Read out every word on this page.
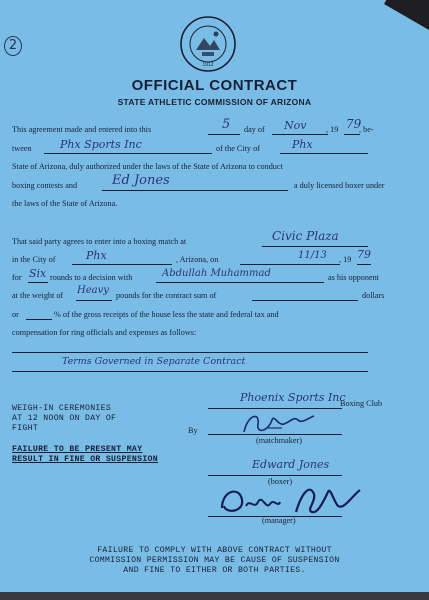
2
1912
OFFICIAL CONTRACT
STATE ATHLETIC COMMISSION OF ARIZONA
This agreement made and entered into this	5 day of Nov , 19 79
, be-
tween	Phx Sports Inc	of the City of	Phx
State of Arizona, duly authorized under the laws of the State of Arizona to conduct
boxing contests and	Ed Jones	a duly licensed boxer under
the laws of the State of Arizona.
That said party agrees to enter into a boxing match at	Civic Plaza
in the City of	Phx	, Arizona, on	11/13 , 19 79
for Six rounds to a decision with	Abdullah Muhammad	as his opponent
at the weight of Heavy pounds for the contract sum of	dollars
or	% of the gross receipts of the house less the state and federal tax and
compensation for ring officials and expenses as follows:
Terms Governed in Separate Contract
WEIGH-IN CEREMONIES
AT 12 NOON ON DAY OF
FIGHT
FAILURE TO BE PRESENT MAY
RESULT IN FINE OR SUSPENSION
Phoenix Sports Inc
Boxing Club
By
(matchmaker)
Edward Jones
(boxer)
(manager)
FAILURE TO COMPLY WITH ABOVE CONTRACT WITHOUT
COMMISSION PERMISSION MAY BE CAUSE OF SUSPENSION
AND FINE TO EITHER OR BOTH PARTIES.
